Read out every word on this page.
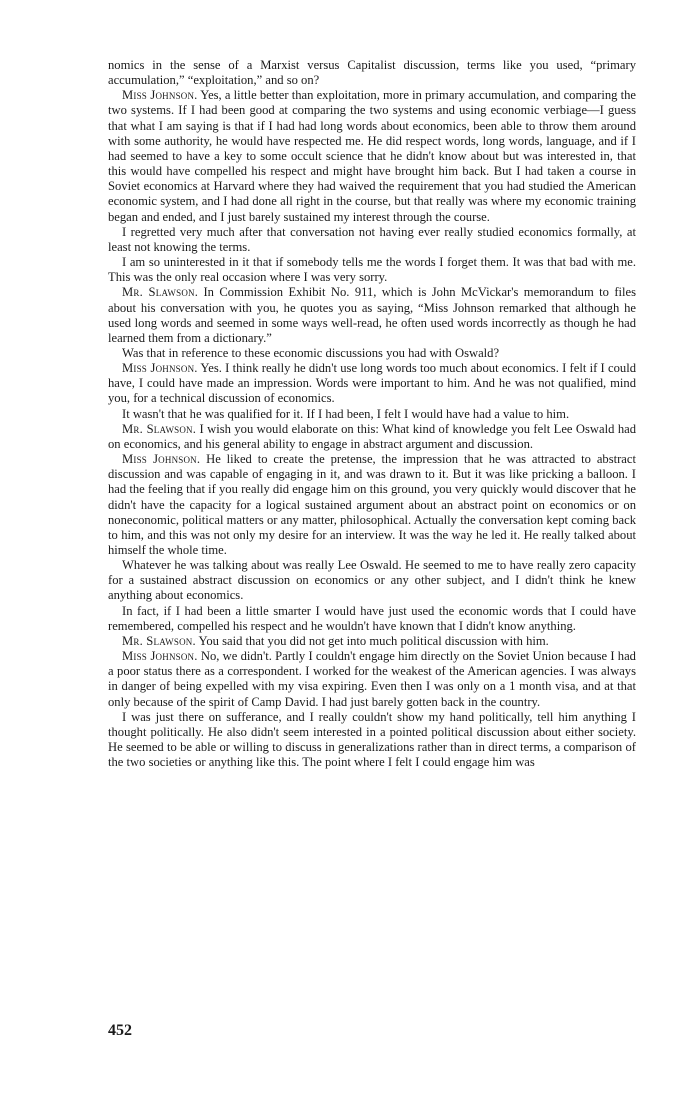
nomics in the sense of a Marxist versus Capitalist discussion, terms like you used, “primary accumulation,” “exploitation,” and so on?

Miss Johnson. Yes, a little better than exploitation, more in primary accumulation, and comparing the two systems. If I had been good at comparing the two systems and using economic verbiage—I guess that what I am saying is that if I had had long words about economics, been able to throw them around with some authority, he would have respected me. He did respect words, long words, language, and if I had seemed to have a key to some occult science that he didn't know about but was interested in, that this would have compelled his respect and might have brought him back. But I had taken a course in Soviet economics at Harvard where they had waived the requirement that you had studied the American economic system, and I had done all right in the course, but that really was where my economic training began and ended, and I just barely sustained my interest through the course.

I regretted very much after that conversation not having ever really studied economics formally, at least not knowing the terms.

I am so uninterested in it that if somebody tells me the words I forget them. It was that bad with me. This was the only real occasion where I was very sorry.

Mr. Slawson. In Commission Exhibit No. 911, which is John McVickar's memorandum to files about his conversation with you, he quotes you as saying, “Miss Johnson remarked that although he used long words and seemed in some ways well-read, he often used words incorrectly as though he had learned them from a dictionary.”

Was that in reference to these economic discussions you had with Oswald?

Miss Johnson. Yes. I think really he didn't use long words too much about economics. I felt if I could have, I could have made an impression. Words were important to him. And he was not qualified, mind you, for a technical discussion of economics.

It wasn't that he was qualified for it. If I had been, I felt I would have had a value to him.

Mr. Slawson. I wish you would elaborate on this: What kind of knowledge you felt Lee Oswald had on economics, and his general ability to engage in abstract argument and discussion.

Miss Johnson. He liked to create the pretense, the impression that he was attracted to abstract discussion and was capable of engaging in it, and was drawn to it. But it was like pricking a balloon. I had the feeling that if you really did engage him on this ground, you very quickly would discover that he didn't have the capacity for a logical sustained argument about an abstract point on economics or on noneconomic, political matters or any matter, philosophical. Actually the conversation kept coming back to him, and this was not only my desire for an interview. It was the way he led it. He really talked about himself the whole time.

Whatever he was talking about was really Lee Oswald. He seemed to me to have really zero capacity for a sustained abstract discussion on economics or any other subject, and I didn't think he knew anything about economics.

In fact, if I had been a little smarter I would have just used the economic words that I could have remembered, compelled his respect and he wouldn't have known that I didn't know anything.

Mr. Slawson. You said that you did not get into much political discussion with him.

Miss Johnson. No, we didn't. Partly I couldn't engage him directly on the Soviet Union because I had a poor status there as a correspondent. I worked for the weakest of the American agencies. I was always in danger of being expelled with my visa expiring. Even then I was only on a 1 month visa, and at that only because of the spirit of Camp David. I had just barely gotten back in the country.

I was just there on sufferance, and I really couldn't show my hand politically, tell him anything I thought politically. He also didn't seem interested in a pointed political discussion about either society. He seemed to be able or willing to discuss in generalizations rather than in direct terms, a comparison of the two societies or anything like this. The point where I felt I could engage him was

452
